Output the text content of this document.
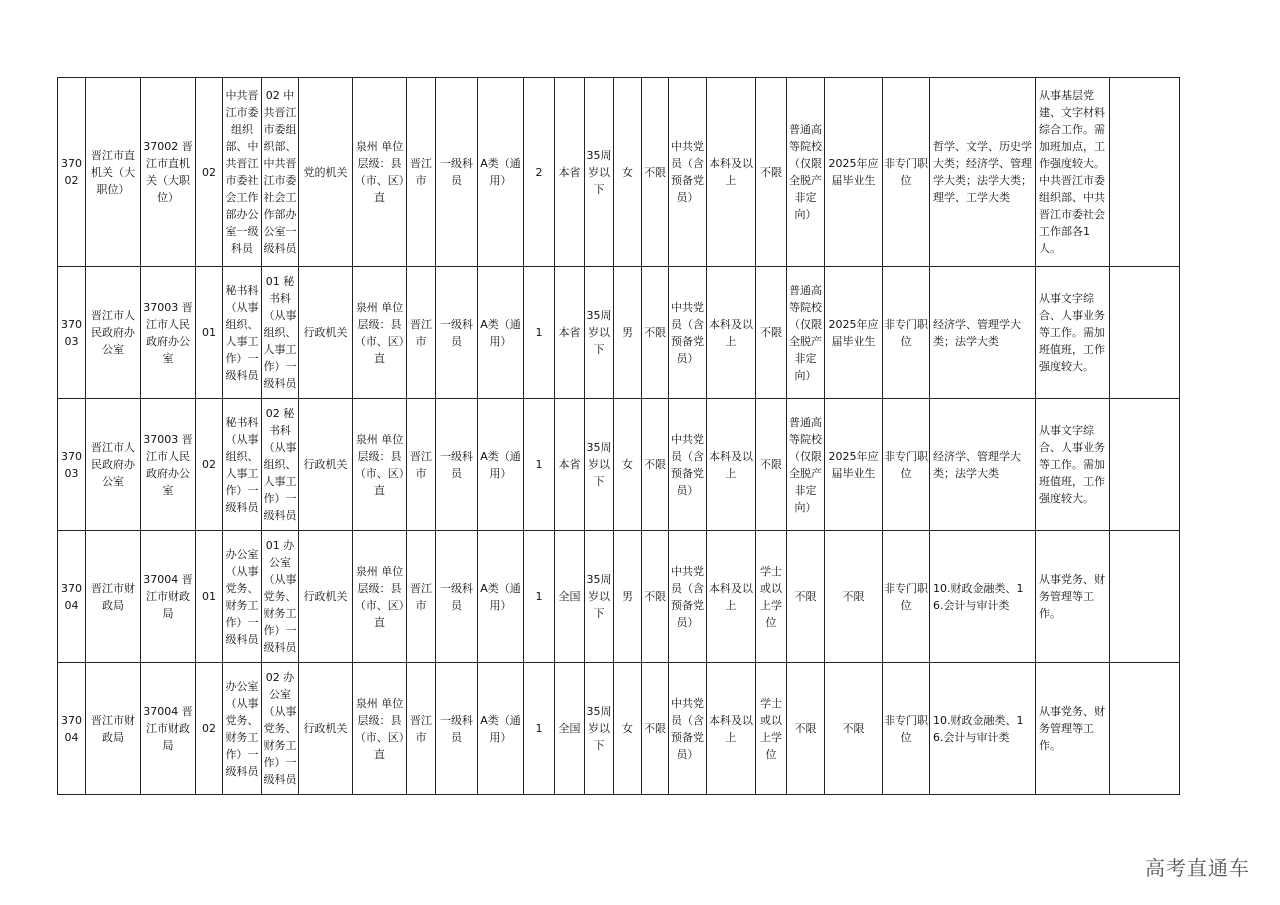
37002	晋江市直机关（大职位）	37002 晋江市直机关（大职位）	02	中共晋江市委组织部、中共晋江市委社会工作部办公室一级科员	02 中共晋江市委组织部、中共晋江市委社会工作部办公室一级科员	党的机关	泉州 单位层级：县（市、区）直	晋江市	一级科员	A类（通用）	2	本省	35周岁以下	女	不限	中共党员（含预备党员）	本科及以上	不限	普通高等院校（仅限全脱产非定向）	2025年应届毕业生	非专门职位	哲学、文学、历史学大类；经济学、管理学大类；法学大类；理学、工学大类	从事基层党建、文字材料综合工作。需加班加点，工作强度较大。中共晋江市委组织部、中共晋江市委社会工作部各1人。	
37003	晋江市人民政府办公室	37003 晋江市人民政府办公室	01	秘书科（从事组织、人事工作）一级科员	01 秘书科（从事组织、人事工作）一级科员	行政机关	泉州 单位层级：县（市、区）直	晋江市	一级科员	A类（通用）	1	本省	35周岁以下	男	不限	中共党员（含预备党员）	本科及以上	不限	普通高等院校（仅限全脱产非定向）	2025年应届毕业生	非专门职位	经济学、管理学大类；法学大类	从事文字综合、人事业务等工作。需加班值班，工作强度较大。	
37003	晋江市人民政府办公室	37003 晋江市人民政府办公室	02	秘书科（从事组织、人事工作）一级科员	02 秘书科（从事组织、人事工作）一级科员	行政机关	泉州 单位层级：县（市、区）直	晋江市	一级科员	A类（通用）	1	本省	35周岁以下	女	不限	中共党员（含预备党员）	本科及以上	不限	普通高等院校（仅限全脱产非定向）	2025年应届毕业生	非专门职位	经济学、管理学大类；法学大类	从事文字综合、人事业务等工作。需加班值班，工作强度较大。	
37004	晋江市财政局	37004 晋江市财政局	01	办公室（从事党务、财务工作）一级科员	01 办公室（从事党务、财务工作）一级科员	行政机关	泉州 单位层级：县（市、区）直	晋江市	一级科员	A类（通用）	1	全国	35周岁以下	男	不限	中共党员（含预备党员）	本科及以上	学士或以上学位	不限	不限	非专门职位	10.财政金融类、16.会计与审计类	从事党务、财务管理等工作。	
37004	晋江市财政局	37004 晋江市财政局	02	办公室（从事党务、财务工作）一级科员	02 办公室（从事党务、财务工作）一级科员	行政机关	泉州 单位层级：县（市、区）直	晋江市	一级科员	A类（通用）	1	全国	35周岁以下	女	不限	中共党员（含预备党员）	本科及以上	学士或以上学位	不限	不限	非专门职位	10.财政金融类、16.会计与审计类	从事党务、财务管理等工作。	
高考直通车
